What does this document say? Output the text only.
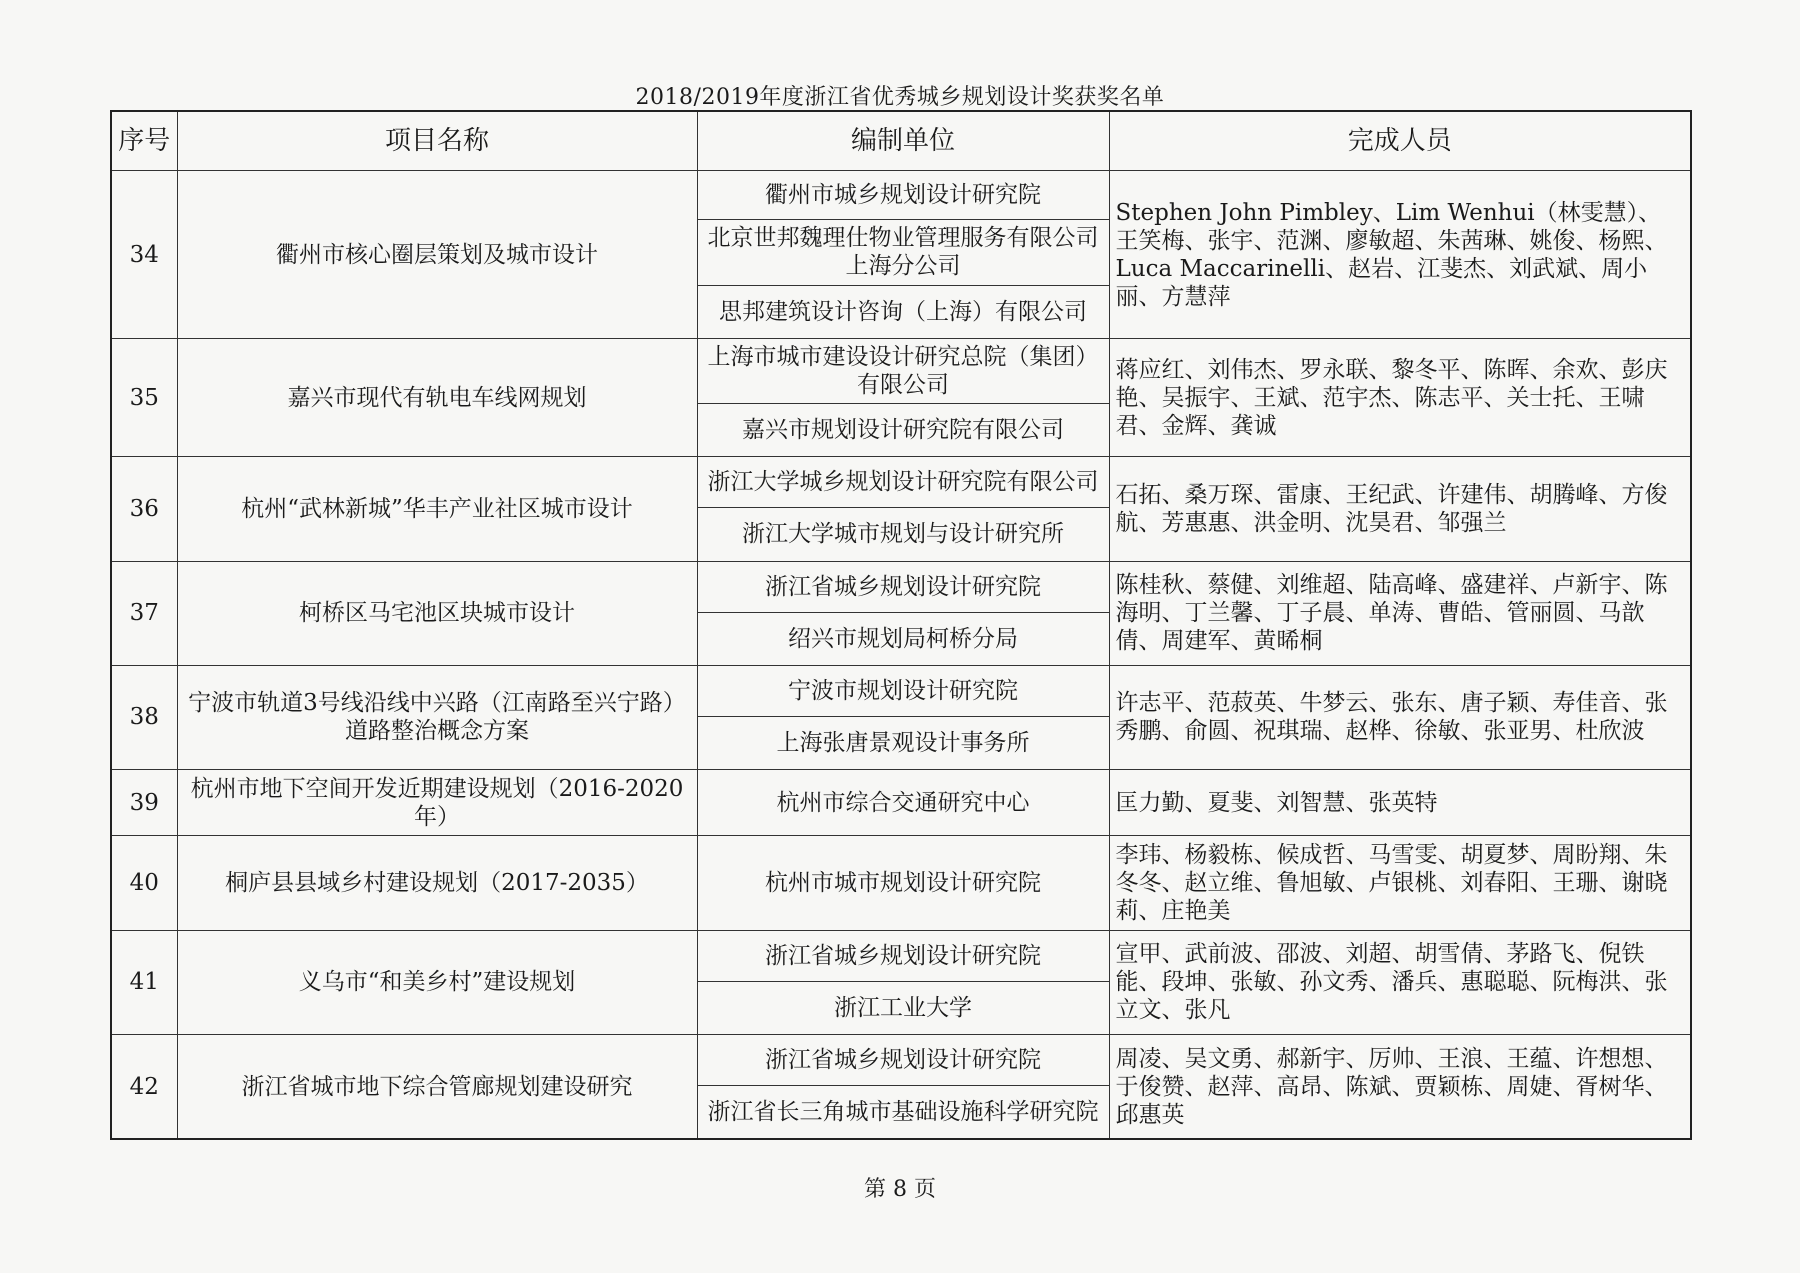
2018/2019年度浙江省优秀城乡规划设计奖获奖名单
序号	项目名称	编制单位	完成人员
34	衢州市核心圈层策划及城市设计	衢州市城乡规划设计研究院	Stephen John Pimbley、Lim Wenhui（林雯慧）、王笑梅、张宇、范渊、廖敏超、朱茜琳、姚俊、杨熙、Luca Maccarinelli、赵岩、江斐杰、刘武斌、周小丽、方慧萍
		北京世邦魏理仕物业管理服务有限公司上海分公司	
		思邦建筑设计咨询（上海）有限公司	
35	嘉兴市现代有轨电车线网规划	上海市城市建设设计研究总院（集团）有限公司	蒋应红、刘伟杰、罗永联、黎冬平、陈晖、余欢、彭庆艳、吴振宇、王斌、范宇杰、陈志平、关士托、王啸君、金辉、龚诚
		嘉兴市规划设计研究院有限公司	
36	杭州“武林新城”华丰产业社区城市设计	浙江大学城乡规划设计研究院有限公司	石拓、桑万琛、雷康、王纪武、许建伟、胡腾峰、方俊航、芳惠惠、洪金明、沈昊君、邹强兰
		浙江大学城市规划与设计研究所	
37	柯桥区马宅池区块城市设计	浙江省城乡规划设计研究院	陈桂秋、蔡健、刘维超、陆高峰、盛建祥、卢新宇、陈海明、丁兰馨、丁子晨、单涛、曹皓、管丽圆、马歆倩、周建军、黄晞桐
		绍兴市规划局柯桥分局	
38	宁波市轨道3号线沿线中兴路（江南路至兴宁路）道路整治概念方案	宁波市规划设计研究院	许志平、范菽英、牛梦云、张东、唐子颖、寿佳音、张秀鹏、俞圆、祝琪瑞、赵桦、徐敏、张亚男、杜欣波
		上海张唐景观设计事务所	
39	杭州市地下空间开发近期建设规划（2016-2020年）	杭州市综合交通研究中心	匡力勤、夏斐、刘智慧、张英特
40	桐庐县县域乡村建设规划（2017-2035）	杭州市城市规划设计研究院	李玮、杨毅栋、候成哲、马雪雯、胡夏梦、周盼翔、朱冬冬、赵立维、鲁旭敏、卢银桃、刘春阳、王珊、谢晓莉、庄艳美
41	义乌市“和美乡村”建设规划	浙江省城乡规划设计研究院	宣甲、武前波、邵波、刘超、胡雪倩、茅路飞、倪铁能、段坤、张敏、孙文秀、潘兵、惠聪聪、阮梅洪、张立文、张凡
		浙江工业大学	
42	浙江省城市地下综合管廊规划建设研究	浙江省城乡规划设计研究院	周凌、吴文勇、郝新宇、厉帅、王浪、王蕴、许想想、于俊赞、赵萍、高昂、陈斌、贾颖栋、周婕、胥树华、邱惠英
		浙江省长三角城市基础设施科学研究院	
第 8 页
